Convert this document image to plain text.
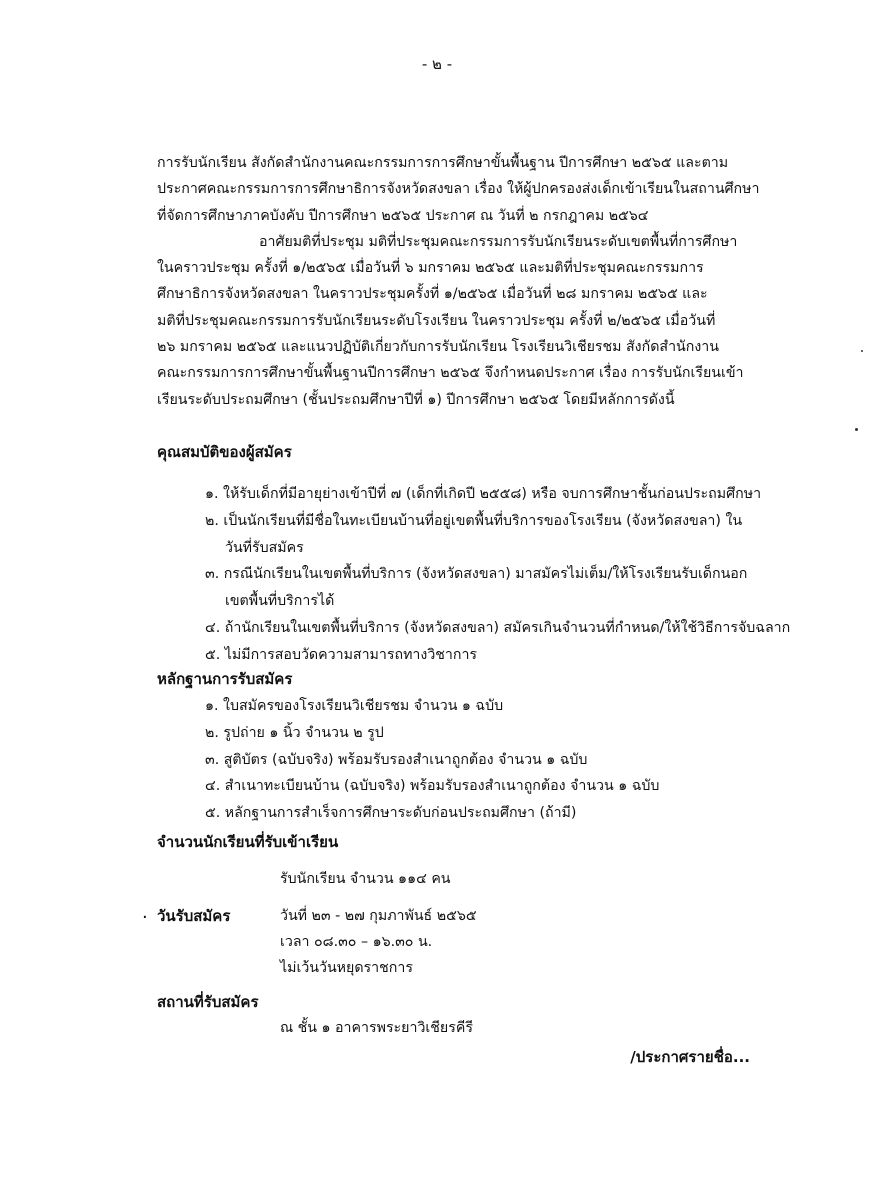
- ๒ -
การรับนักเรียน สังกัดสำนักงานคณะกรรมการการศึกษาขั้นพื้นฐาน ปีการศึกษา ๒๕๖๕ และตาม
ประกาศคณะกรรมการการศึกษาธิการจังหวัดสงขลา เรื่อง ให้ผู้ปกครองส่งเด็กเข้าเรียนในสถานศึกษา
ที่จัดการศึกษาภาคบังคับ ปีการศึกษา ๒๕๖๕ ประกาศ ณ วันที่ ๒ กรกฎาคม ๒๕๖๔
อาศัยมติที่ประชุม มติที่ประชุมคณะกรรมการรับนักเรียนระดับเขตพื้นที่การศึกษา
ในคราวประชุม ครั้งที่ ๑/๒๕๖๕ เมื่อวันที่ ๖ มกราคม ๒๕๖๕ และมติที่ประชุมคณะกรรมการ
ศึกษาธิการจังหวัดสงขลา ในคราวประชุมครั้งที่ ๑/๒๕๖๕ เมื่อวันที่ ๒๘ มกราคม ๒๕๖๕ และ
มติที่ประชุมคณะกรรมการรับนักเรียนระดับโรงเรียน ในคราวประชุม ครั้งที่ ๒/๒๕๖๕ เมื่อวันที่
๒๖ มกราคม ๒๕๖๕ และแนวปฏิบัติเกี่ยวกับการรับนักเรียน โรงเรียนวิเชียรชม สังกัดสำนักงาน
คณะกรรมการการศึกษาขั้นพื้นฐานปีการศึกษา ๒๕๖๕ จึงกำหนดประกาศ เรื่อง การรับนักเรียนเข้า
เรียนระดับประถมศึกษา (ชั้นประถมศึกษาปีที่ ๑) ปีการศึกษา ๒๕๖๕ โดยมีหลักการดังนี้
คุณสมบัติของผู้สมัคร
๑. ให้รับเด็กที่มีอายุย่างเข้าปีที่ ๗ (เด็กที่เกิดปี ๒๕๕๘) หรือ จบการศึกษาชั้นก่อนประถมศึกษา
๒. เป็นนักเรียนที่มีชื่อในทะเบียนบ้านที่อยู่เขตพื้นที่บริการของโรงเรียน (จังหวัดสงขลา) ใน
วันที่รับสมัคร
๓. กรณีนักเรียนในเขตพื้นที่บริการ (จังหวัดสงขลา) มาสมัครไม่เต็ม/ให้โรงเรียนรับเด็กนอก
เขตพื้นที่บริการได้
๔. ถ้านักเรียนในเขตพื้นที่บริการ (จังหวัดสงขลา) สมัครเกินจำนวนที่กำหนด/ให้ใช้วิธีการจับฉลาก
๕. ไม่มีการสอบวัดความสามารถทางวิชาการ
หลักฐานการรับสมัคร
๑. ใบสมัครของโรงเรียนวิเชียรชม จำนวน ๑ ฉบับ
๒. รูปถ่าย ๑ นิ้ว จำนวน ๒ รูป
๓. สูติบัตร (ฉบับจริง) พร้อมรับรองสำเนาถูกต้อง จำนวน ๑ ฉบับ
๔. สำเนาทะเบียนบ้าน (ฉบับจริง) พร้อมรับรองสำเนาถูกต้อง จำนวน ๑ ฉบับ
๕. หลักฐานการสำเร็จการศึกษาระดับก่อนประถมศึกษา (ถ้ามี)
จำนวนนักเรียนที่รับเข้าเรียน
รับนักเรียน จำนวน ๑๑๔ คน
. วันรับสมัคร	วันที่ ๒๓ - ๒๗ กุมภาพันธ์ ๒๕๖๕
เวลา ๐๘.๓๐ – ๑๖.๓๐ น.
ไม่เว้นวันหยุดราชการ
สถานที่รับสมัคร
ณ ชั้น ๑ อาคารพระยาวิเชียรคีรี
/ประกาศรายชื่อ...
